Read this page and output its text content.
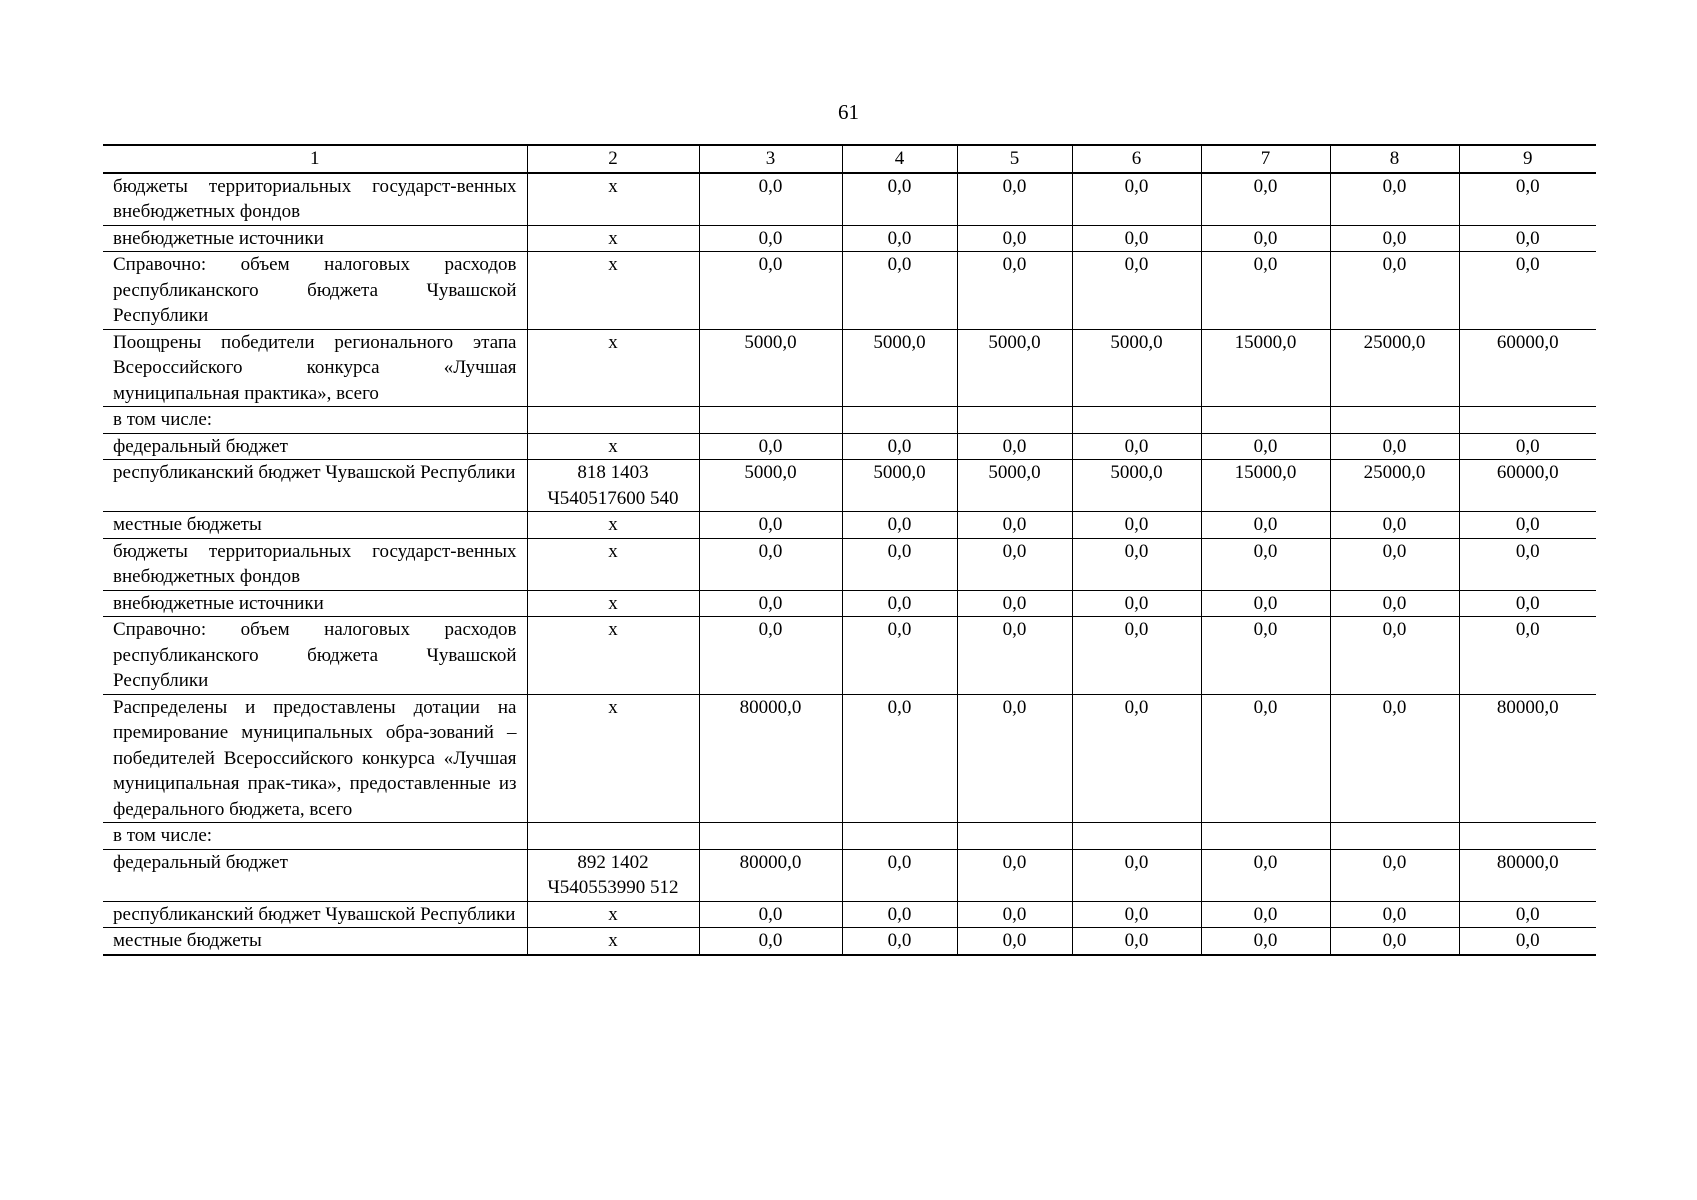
61
1	2	3	4	5	6	7	8	9
бюджеты территориальных государст-венных внебюджетных фондов	x	0,0	0,0	0,0	0,0	0,0	0,0	0,0
внебюджетные источники	x	0,0	0,0	0,0	0,0	0,0	0,0	0,0
Справочно: объем налоговых расходов республиканского бюджета Чувашской Республики	x	0,0	0,0	0,0	0,0	0,0	0,0	0,0
Поощрены победители регионального этапа Всероссийского конкурса «Лучшая муниципальная практика», всего	x	5000,0	5000,0	5000,0	5000,0	15000,0	25000,0	60000,0
в том числе:								
федеральный бюджет	x	0,0	0,0	0,0	0,0	0,0	0,0	0,0
республиканский бюджет Чувашской Республики	818 1403 Ч540517600 540	5000,0	5000,0	5000,0	5000,0	15000,0	25000,0	60000,0
местные бюджеты	x	0,0	0,0	0,0	0,0	0,0	0,0	0,0
бюджеты территориальных государст-венных внебюджетных фондов	x	0,0	0,0	0,0	0,0	0,0	0,0	0,0
внебюджетные источники	x	0,0	0,0	0,0	0,0	0,0	0,0	0,0
Справочно: объем налоговых расходов республиканского бюджета Чувашской Республики	x	0,0	0,0	0,0	0,0	0,0	0,0	0,0
Распределены и предоставлены дотации на премирование муниципальных обра-зований – победителей Всероссийского конкурса «Лучшая муниципальная прак-тика», предоставленные из федерального бюджета, всего	x	80000,0	0,0	0,0	0,0	0,0	0,0	80000,0
в том числе:								
федеральный бюджет	892 1402 Ч540553990 512	80000,0	0,0	0,0	0,0	0,0	0,0	80000,0
республиканский бюджет Чувашской Республики	x	0,0	0,0	0,0	0,0	0,0	0,0	0,0
местные бюджеты	x	0,0	0,0	0,0	0,0	0,0	0,0	0,0
